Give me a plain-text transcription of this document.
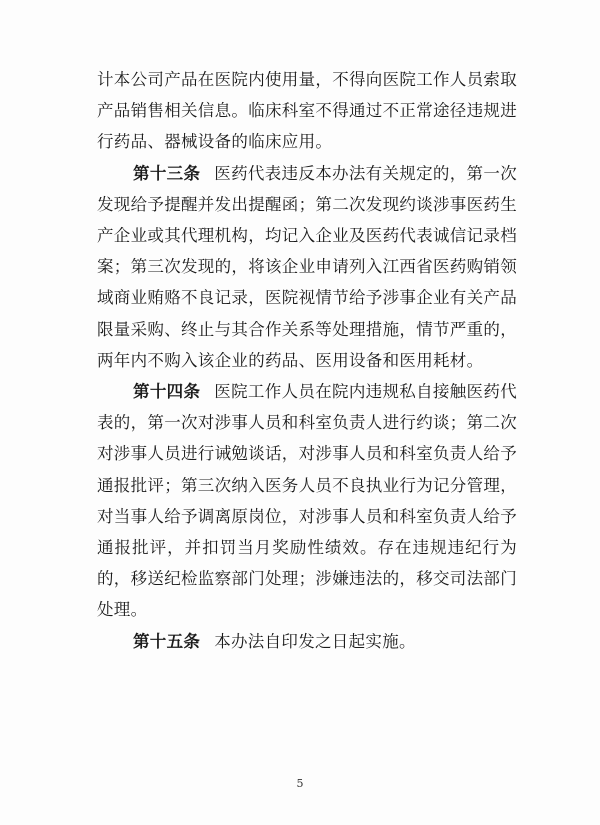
计本公司产品在医院内使用量，不得向医院工作人员索取产品销售相关信息。临床科室不得通过不正常途径违规进行药品、器械设备的临床应用。

第十三条 医药代表违反本办法有关规定的，第一次发现给予提醒并发出提醒函；第二次发现约谈涉事医药生产企业或其代理机构，均记入企业及医药代表诚信记录档案；第三次发现的，将该企业申请列入江西省医药购销领域商业贿赂不良记录，医院视情节给予涉事企业有关产品限量采购、终止与其合作关系等处理措施，情节严重的，两年内不购入该企业的药品、医用设备和医用耗材。

第十四条 医院工作人员在院内违规私自接触医药代表的，第一次对涉事人员和科室负责人进行约谈；第二次对涉事人员进行诫勉谈话，对涉事人员和科室负责人给予通报批评；第三次纳入医务人员不良执业行为记分管理，对当事人给予调离原岗位，对涉事人员和科室负责人给予通报批评，并扣罚当月奖励性绩效。存在违规违纪行为的，移送纪检监察部门处理；涉嫌违法的，移交司法部门处理。

第十五条 本办法自印发之日起实施。

5
